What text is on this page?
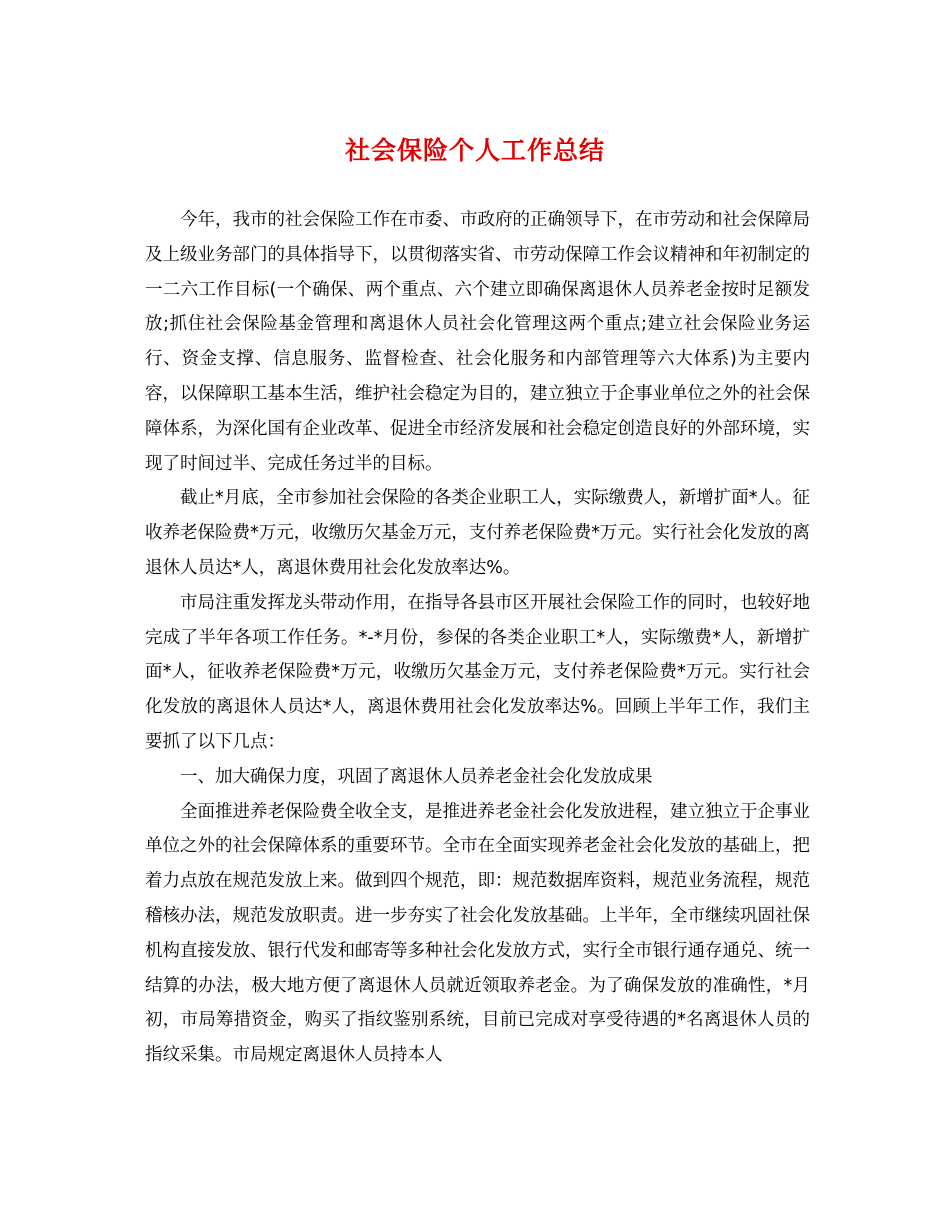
社会保险个人工作总结

今年，我市的社会保险工作在市委、市政府的正确领导下，在市劳动和社会保障局及上级业务部门的具体指导下，以贯彻落实省、市劳动保障工作会议精神和年初制定的一二六工作目标(一个确保、两个重点、六个建立即确保离退休人员养老金按时足额发放;抓住社会保险基金管理和离退休人员社会化管理这两个重点;建立社会保险业务运行、资金支撑、信息服务、监督检查、社会化服务和内部管理等六大体系)为主要内容，以保障职工基本生活，维护社会稳定为目的，建立独立于企事业单位之外的社会保障体系，为深化国有企业改革、促进全市经济发展和社会稳定创造良好的外部环境，实现了时间过半、完成任务过半的目标。

截止*月底，全市参加社会保险的各类企业职工人，实际缴费人，新增扩面*人。征收养老保险费*万元，收缴历欠基金万元，支付养老保险费*万元。实行社会化发放的离退休人员达*人，离退休费用社会化发放率达%。

市局注重发挥龙头带动作用，在指导各县市区开展社会保险工作的同时，也较好地完成了半年各项工作任务。*-*月份，参保的各类企业职工*人，实际缴费*人，新增扩面*人，征收养老保险费*万元，收缴历欠基金万元，支付养老保险费*万元。实行社会化发放的离退休人员达*人，离退休费用社会化发放率达%。回顾上半年工作，我们主要抓了以下几点：

一、加大确保力度，巩固了离退休人员养老金社会化发放成果

全面推进养老保险费全收全支，是推进养老金社会化发放进程，建立独立于企事业单位之外的社会保障体系的重要环节。全市在全面实现养老金社会化发放的基础上，把着力点放在规范发放上来。做到四个规范，即：规范数据库资料，规范业务流程，规范稽核办法，规范发放职责。进一步夯实了社会化发放基础。上半年，全市继续巩固社保机构直接发放、银行代发和邮寄等多种社会化发放方式，实行全市银行通存通兑、统一结算的办法，极大地方便了离退休人员就近领取养老金。为了确保发放的准确性，*月初，市局筹措资金，购买了指纹鉴别系统，目前已完成对享受待遇的*名离退休人员的指纹采集。市局规定离退休人员持本人
